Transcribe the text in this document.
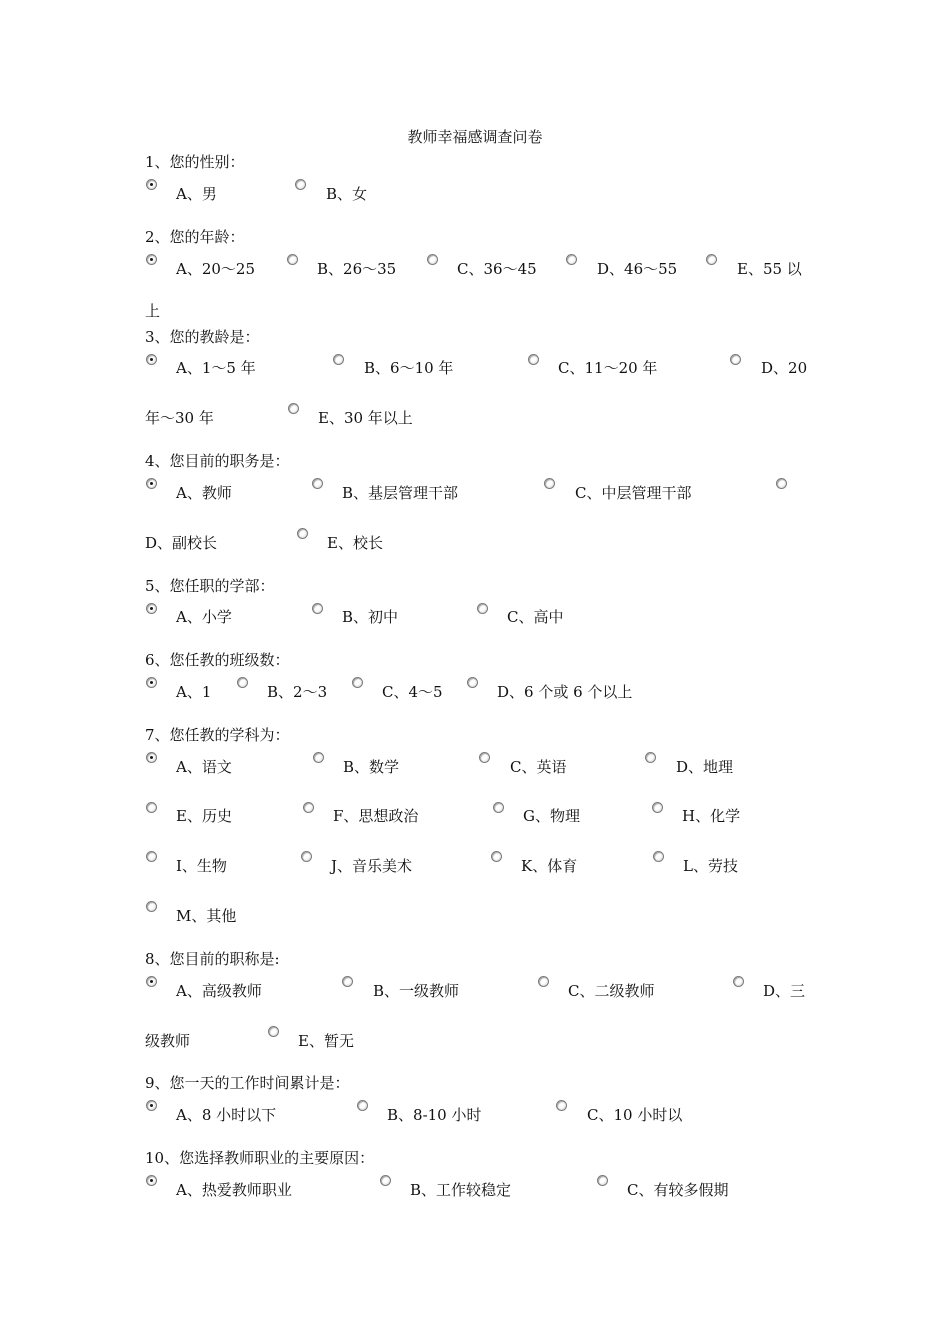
教师幸福感调查问卷
1、您的性别：
A、男	B、女
2、您的年龄：
A、20～25	B、26～35	C、36～45	D、46～55	E、55 以
上
3、您的教龄是：
A、1～5 年	B、6～10 年	C、11～20 年	D、20
年～30 年	E、30 年以上
4、您目前的职务是：
A、教师	B、基层管理干部	C、中层管理干部
D、副校长	E、校长
5、您任职的学部：
A、小学	B、初中	C、高中
6、您任教的班级数：
A、1	B、2～3	C、4～5	D、6 个或 6 个以上
7、您任教的学科为：
A、语文	B、数学	C、英语	D、地理
E、历史	F、思想政治	G、物理	H、化学
I、生物	J、音乐美术	K、体育	L、劳技
M、其他
8、您目前的职称是:
A、高级教师	B、一级教师	C、二级教师	D、三
级教师	E、暂无
9、您一天的工作时间累计是：
A、8 小时以下	B、8-10 小时	C、10 小时以
10、您选择教师职业的主要原因：
A、热爱教师职业	B、工作较稳定	C、有较多假期
